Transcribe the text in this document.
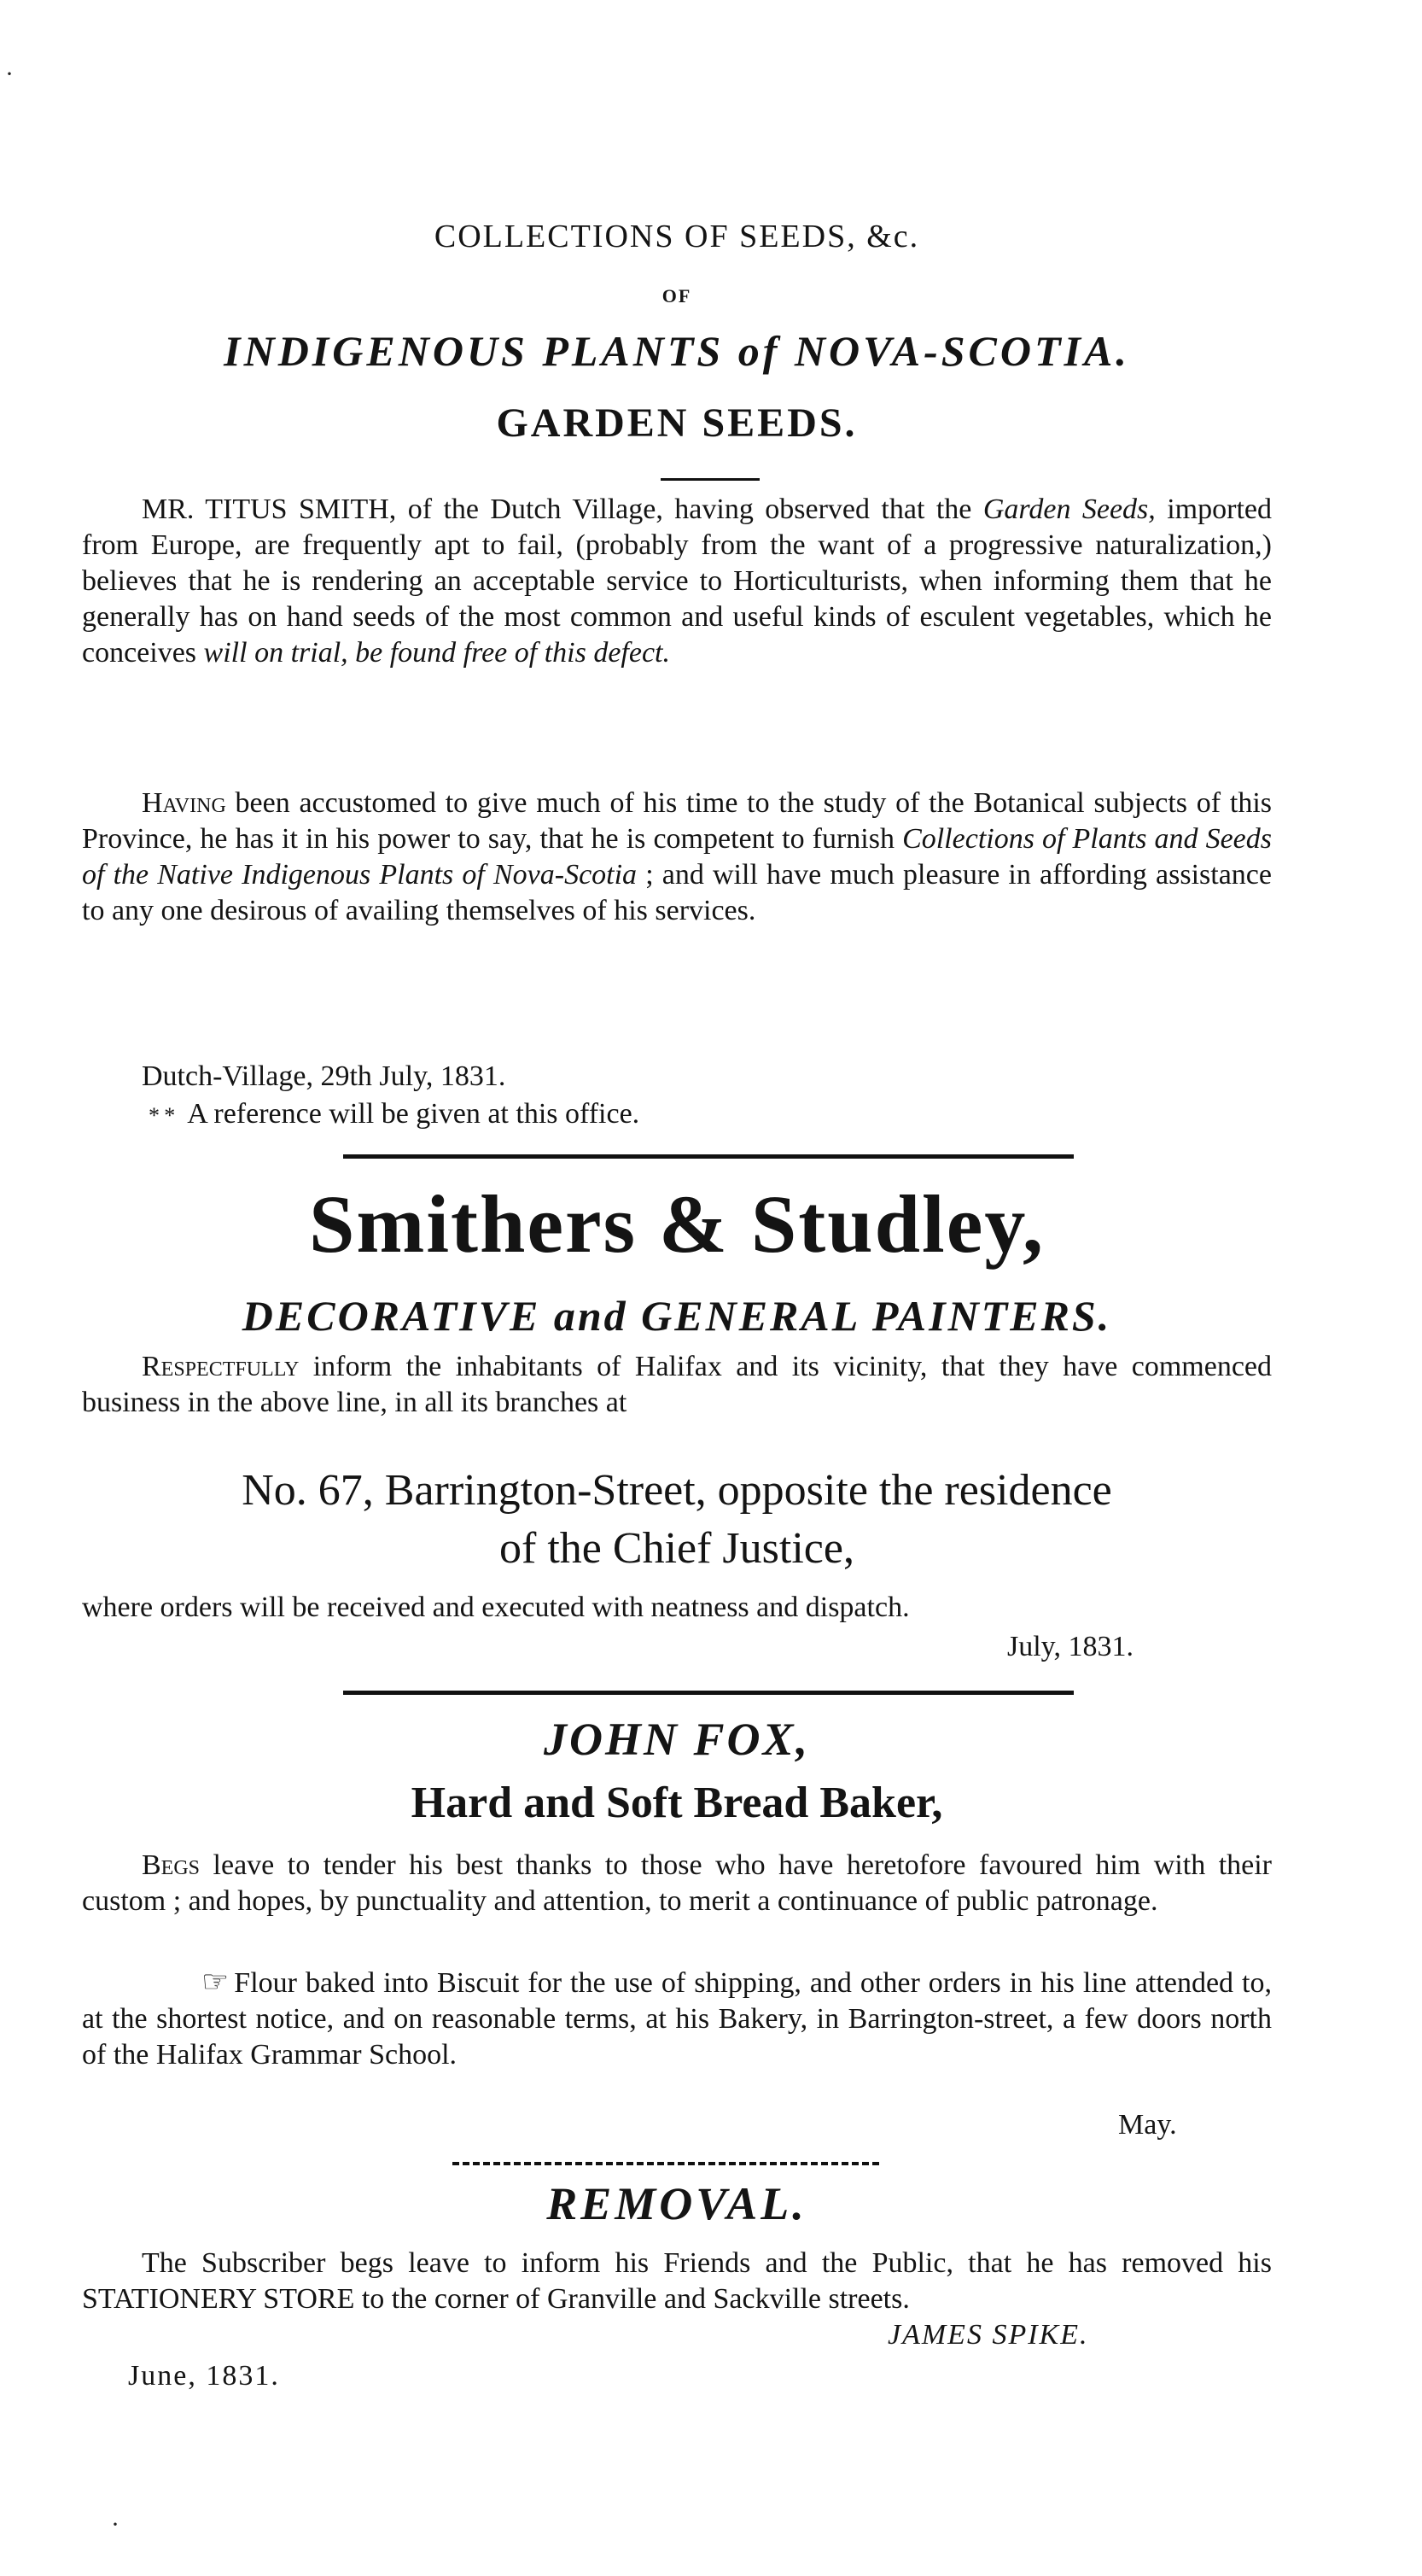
COLLECTIONS OF SEEDS, &c.
OF
INDIGENOUS PLANTS of NOVA-SCOTIA.
GARDEN SEEDS.
MR. TITUS SMITH, of the Dutch Village, having observed that the Garden Seeds, imported from Europe, are frequently apt to fail, (probably from the want of a progressive naturalization,) believes that he is rendering an acceptable service to Horticulturists, when informing them that he generally has on hand seeds of the most common and useful kinds of esculent vegetables, which he conceives will on trial, be found free of this defect.
Having been accustomed to give much of his time to the study of the Botanical subjects of this Province, he has it in his power to say, that he is competent to furnish Collections of Plants and Seeds of the Native Indigenous Plants of Nova-Scotia ; and will have much pleasure in affording assistance to any one desirous of availing themselves of his services.
Dutch-Village, 29th July, 1831.
* * A reference will be given at this office.
Smithers & Studley,
DECORATIVE and GENERAL PAINTERS.
Respectfully inform the inhabitants of Halifax and its vicinity, that they have commenced business in the above line, in all its branches at
No. 67, Barrington-Street, opposite the residence
of the Chief Justice,
where orders will be received and executed with neatness and dispatch.
July, 1831.
JOHN FOX,
Hard and Soft Bread Baker,
Begs leave to tender his best thanks to those who have heretofore favoured him with their custom ; and hopes, by punctuality and attention, to merit a continuance of public patronage.
☞ Flour baked into Biscuit for the use of shipping, and other orders in his line attended to, at the shortest notice, and on reasonable terms, at his Bakery, in Barrington-street, a few doors north of the Halifax Grammar School.
May.
REMOVAL.
The Subscriber begs leave to inform his Friends and the Public, that he has removed his STATIONERY STORE to the corner of Granville and Sackville streets.
JAMES SPIKE.
June, 1831.
·
·
